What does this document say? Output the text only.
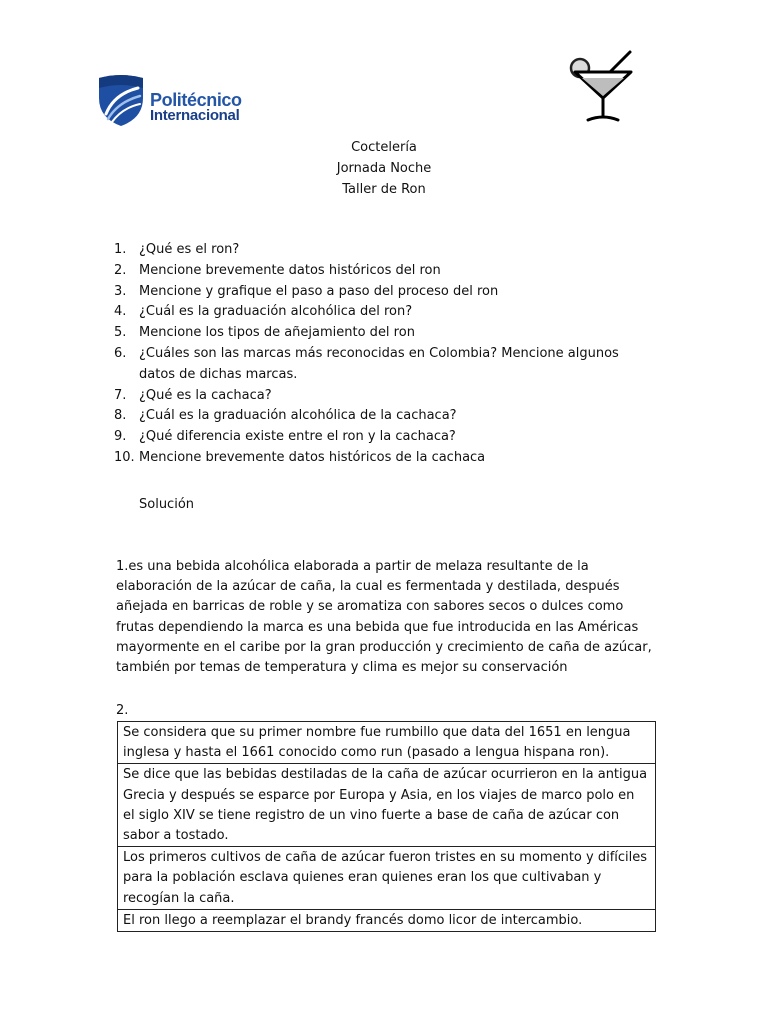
Politécnico
Internacional
Coctelería
Jornada Noche
Taller de Ron
1. ¿Qué es el ron?
2. Mencione brevemente datos históricos del ron
3. Mencione y grafique el paso a paso del proceso del ron
4. ¿Cuál es la graduación alcohólica del ron?
5. Mencione los tipos de añejamiento del ron
6. ¿Cuáles son las marcas más reconocidas en Colombia? Mencione algunos datos de dichas marcas.
7. ¿Qué es la cachaca?
8. ¿Cuál es la graduación alcohólica de la cachaca?
9. ¿Qué diferencia existe entre el ron y la cachaca?
10. Mencione brevemente datos históricos de la cachaca
Solución
1.es una bebida alcohólica elaborada a partir de melaza resultante de la elaboración de la azúcar de caña, la cual es fermentada y destilada, después añejada en barricas de roble y se aromatiza con sabores secos o dulces como frutas dependiendo la marca es una bebida que fue introducida en las Américas mayormente en el caribe por la gran producción y crecimiento de caña de azúcar, también por temas de temperatura y clima es mejor su conservación
2.
Se considera que su primer nombre fue rumbillo que data del 1651 en lengua inglesa y hasta el 1661 conocido como run (pasado a lengua hispana ron).
Se dice que las bebidas destiladas de la caña de azúcar ocurrieron en la antigua Grecia y después se esparce por Europa y Asia, en los viajes de marco polo en el siglo XIV se tiene registro de un vino fuerte a base de caña de azúcar con sabor a tostado.
Los primeros cultivos de caña de azúcar fueron tristes en su momento y difíciles para la población esclava quienes eran quienes eran los que cultivaban y recogían la caña.
El ron llego a reemplazar el brandy francés domo licor de intercambio.
